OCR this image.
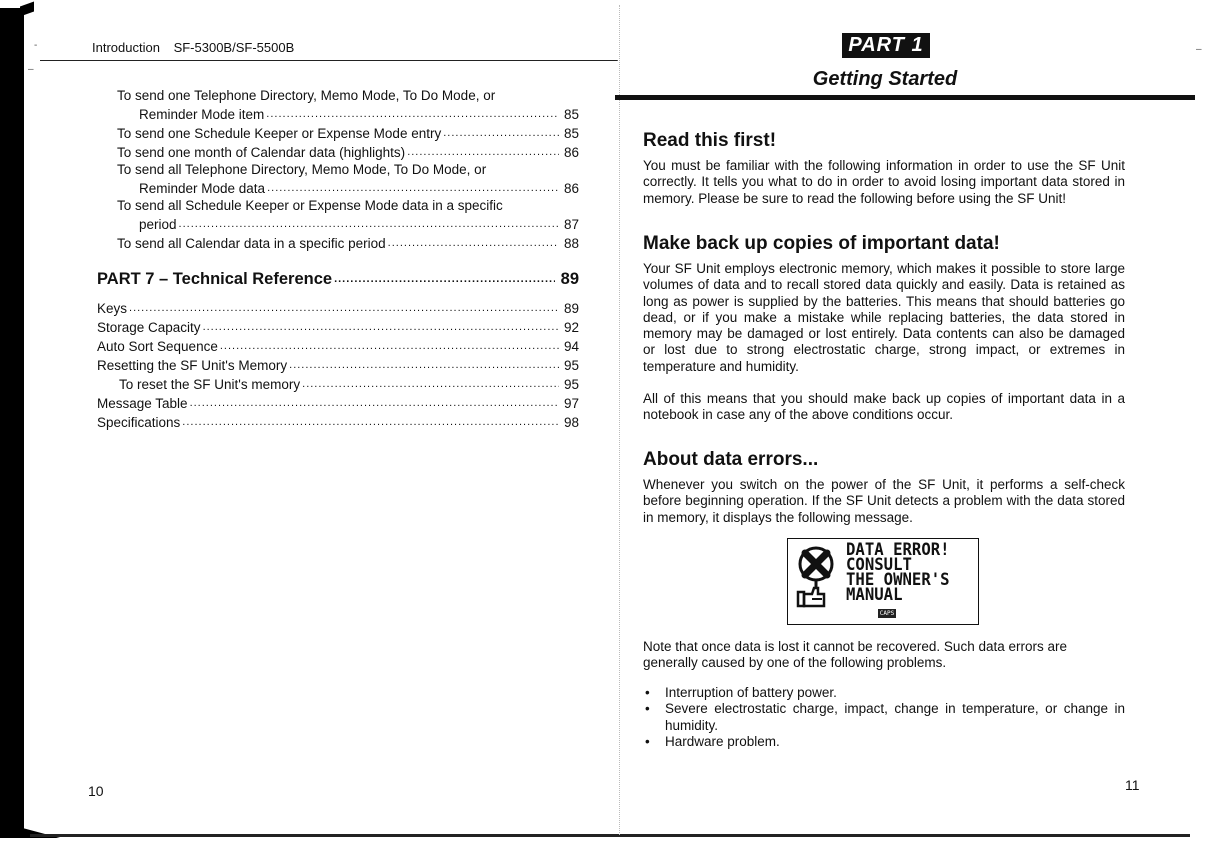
-
–
–
Introduction SF-5300B/SF-5500B
To send one Telephone Directory, Memo Mode, To Do Mode, or
Reminder Mode item .....	85
To send one Schedule Keeper or Expense Mode entry .....	85
To send one month of Calendar data (highlights) .....	86
To send all Telephone Directory, Memo Mode, To Do Mode, or
Reminder Mode data .....	86
To send all Schedule Keeper or Expense Mode data in a specific
period .....	87
To send all Calendar data in a specific period .....	88
PART 7 – Technical Reference .....	89
Keys .....	89
Storage Capacity .....	92
Auto Sort Sequence .....	94
Resetting the SF Unit's Memory .....	95
To reset the SF Unit's memory .....	95
Message Table .....	97
Specifications .....	98
10
PART 1
Getting Started
Read this first!

You must be familiar with the following information in order to use the SF Unit correctly. It tells you what to do in order to avoid losing important data stored in memory. Please be sure to read the following before using the SF Unit!

Make back up copies of important data!

Your SF Unit employs electronic memory, which makes it possible to store large volumes of data and to recall stored data quickly and easily. Data is retained as long as power is supplied by the batteries. This means that should batteries go dead, or if you make a mistake while replacing batteries, the data stored in memory may be damaged or lost entirely. Data contents can also be damaged or lost due to strong electrostatic charge, strong impact, or extremes in temperature and humidity.

All of this means that you should make back up copies of important data in a notebook in case any of the above conditions occur.

About data errors...

Whenever you switch on the power of the SF Unit, it performs a self-check before beginning operation. If the SF Unit detects a problem with the data stored in memory, it displays the following message.

DATA ERROR!
CONSULT
THE OWNER'S
MANUAL
CAPS
Note that once data is lost it cannot be recovered. Such data errors are generally caused by one of the following problems.
• Interruption of battery power.
• Severe electrostatic charge, impact, change in temperature, or change in humidity.
• Hardware problem.
11
